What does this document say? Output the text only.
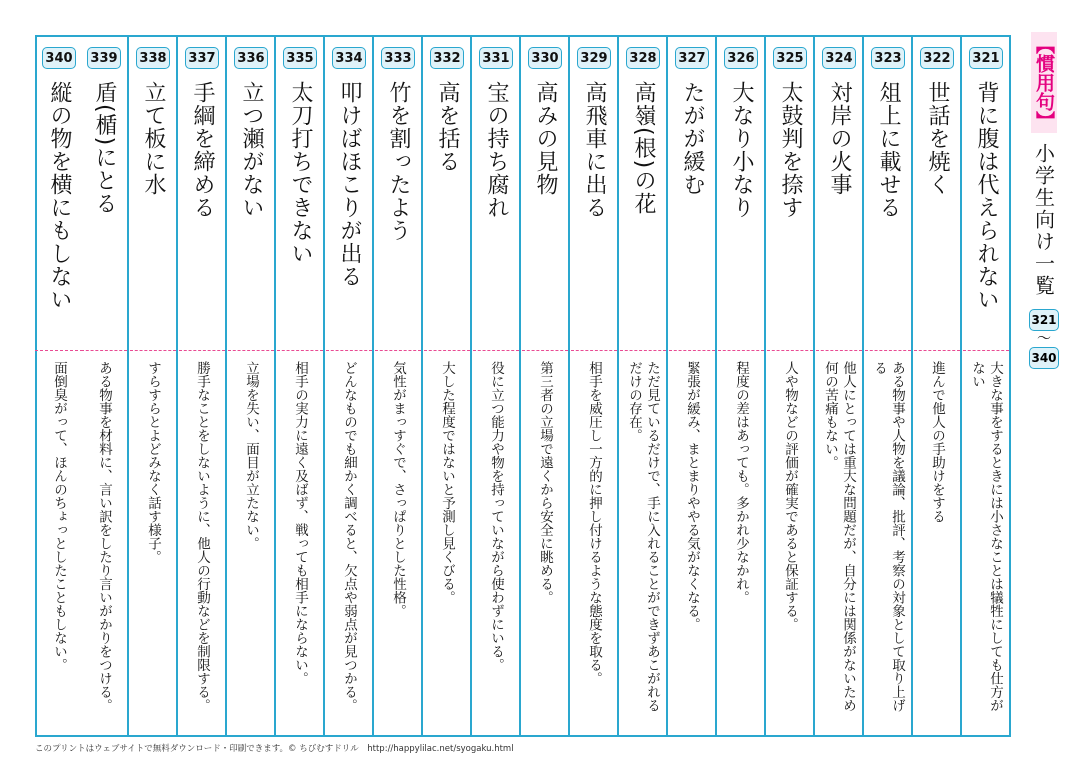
321
背に腹は代えられない
大きな事をするときには小さなことは犠牲にしても仕方がない
322
世話を焼く
進んで他人の手助けをする
323
俎上に載せる
ある物事や人物を議論、批評、考察の対象として取り上げる
324
対岸の火事
他人にとっては重大な問題だが、自分には関係がないため何の苦痛もない。
325
太鼓判を捺す
人や物などの評価が確実であると保証する。
326
大なり小なり
程度の差はあっても。多かれ少なかれ。
327
たがが緩む
緊張が緩み、まとまりややる気がなくなる。
328
高嶺(根)の花
ただ見ているだけで、手に入れることができずあこがれるだけの存在。
329
高飛車に出る
相手を威圧し一方的に押し付けるような態度を取る。
330
高みの見物
第三者の立場で遠くから安全に眺める。
331
宝の持ち腐れ
役に立つ能力や物を持っていながら使わずにいる。
332
高を括る
大した程度ではないと予測し見くびる。
333
竹を割ったよう
気性がまっすぐで、さっぱりとした性格。
334
叩けばほこりが出る
どんなものでも細かく調べると、欠点や弱点が見つかる。
335
太刀打ちできない
相手の実力に遠く及ばず、戦っても相手にならない。
336
立つ瀬がない
立場を失い、面目が立たない。
337
手綱を締める
勝手なことをしないように、他人の行動などを制限する。
338
立て板に水
すらすらとよどみなく話す様子。
339
盾(楯)にとる
ある物事を材料に、言い訳をしたり言いがかりをつける。
340
縦の物を横にもしない
面倒臭がって、ほんのちょっとしたこともしない。
【慣用句】
小学生向け一覧
321
～
340
このプリントはウェブサイトで無料ダウンロード・印刷できます。© ちびむすドリル　http://happylilac.net/syogaku.html
